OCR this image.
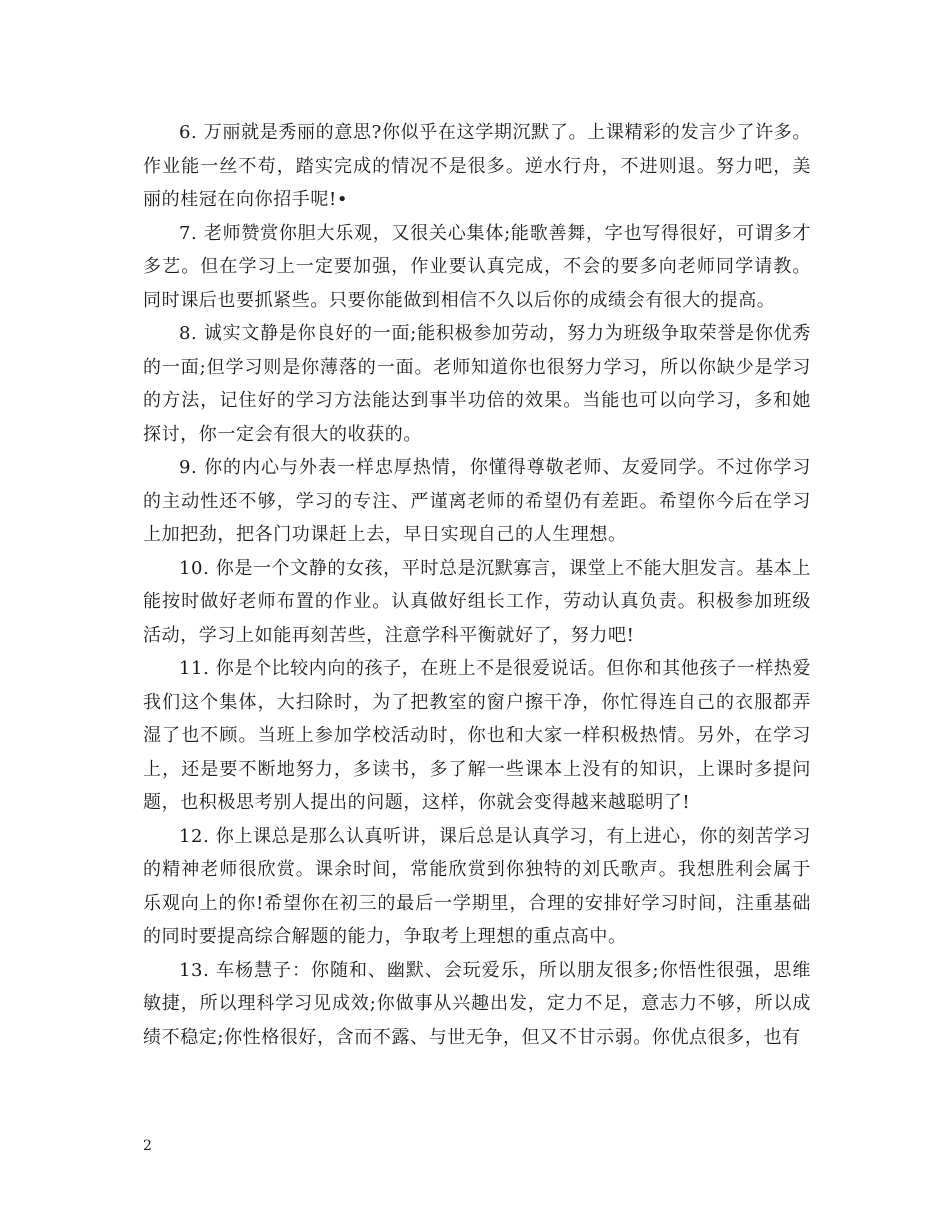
6. 万丽就是秀丽的意思?你似乎在这学期沉默了。上课精彩的发言少了许多。作业能一丝不苟，踏实完成的情况不是很多。逆水行舟，不进则退。努力吧，美丽的桂冠在向你招手呢!•

7. 老师赞赏你胆大乐观，又很关心集体;能歌善舞，字也写得很好，可谓多才多艺。但在学习上一定要加强，作业要认真完成，不会的要多向老师同学请教。同时课后也要抓紧些。只要你能做到相信不久以后你的成绩会有很大的提高。

8. 诚实文静是你良好的一面;能积极参加劳动，努力为班级争取荣誉是你优秀的一面;但学习则是你薄落的一面。老师知道你也很努力学习，所以你缺少是学习的方法，记住好的学习方法能达到事半功倍的效果。当能也可以向学习，多和她探讨，你一定会有很大的收获的。

9. 你的内心与外表一样忠厚热情，你懂得尊敬老师、友爱同学。不过你学习的主动性还不够，学习的专注、严谨离老师的希望仍有差距。希望你今后在学习上加把劲，把各门功课赶上去，早日实现自己的人生理想。

10. 你是一个文静的女孩，平时总是沉默寡言，课堂上不能大胆发言。基本上能按时做好老师布置的作业。认真做好组长工作，劳动认真负责。积极参加班级活动，学习上如能再刻苦些，注意学科平衡就好了，努力吧!

11. 你是个比较内向的孩子，在班上不是很爱说话。但你和其他孩子一样热爱我们这个集体，大扫除时，为了把教室的窗户擦干净，你忙得连自己的衣服都弄湿了也不顾。当班上参加学校活动时，你也和大家一样积极热情。另外，在学习上，还是要不断地努力，多读书，多了解一些课本上没有的知识，上课时多提问题，也积极思考别人提出的问题，这样，你就会变得越来越聪明了!

12. 你上课总是那么认真听讲，课后总是认真学习，有上进心，你的刻苦学习的精神老师很欣赏。课余时间，常能欣赏到你独特的刘氏歌声。我想胜利会属于乐观向上的你!希望你在初三的最后一学期里，合理的安排好学习时间，注重基础的同时要提高综合解题的能力，争取考上理想的重点高中。

13. 车杨慧子：你随和、幽默、会玩爱乐，所以朋友很多;你悟性很强，思维敏捷，所以理科学习见成效;你做事从兴趣出发，定力不足，意志力不够，所以成绩不稳定;你性格很好，含而不露、与世无争，但又不甘示弱。你优点很多，也有

2
